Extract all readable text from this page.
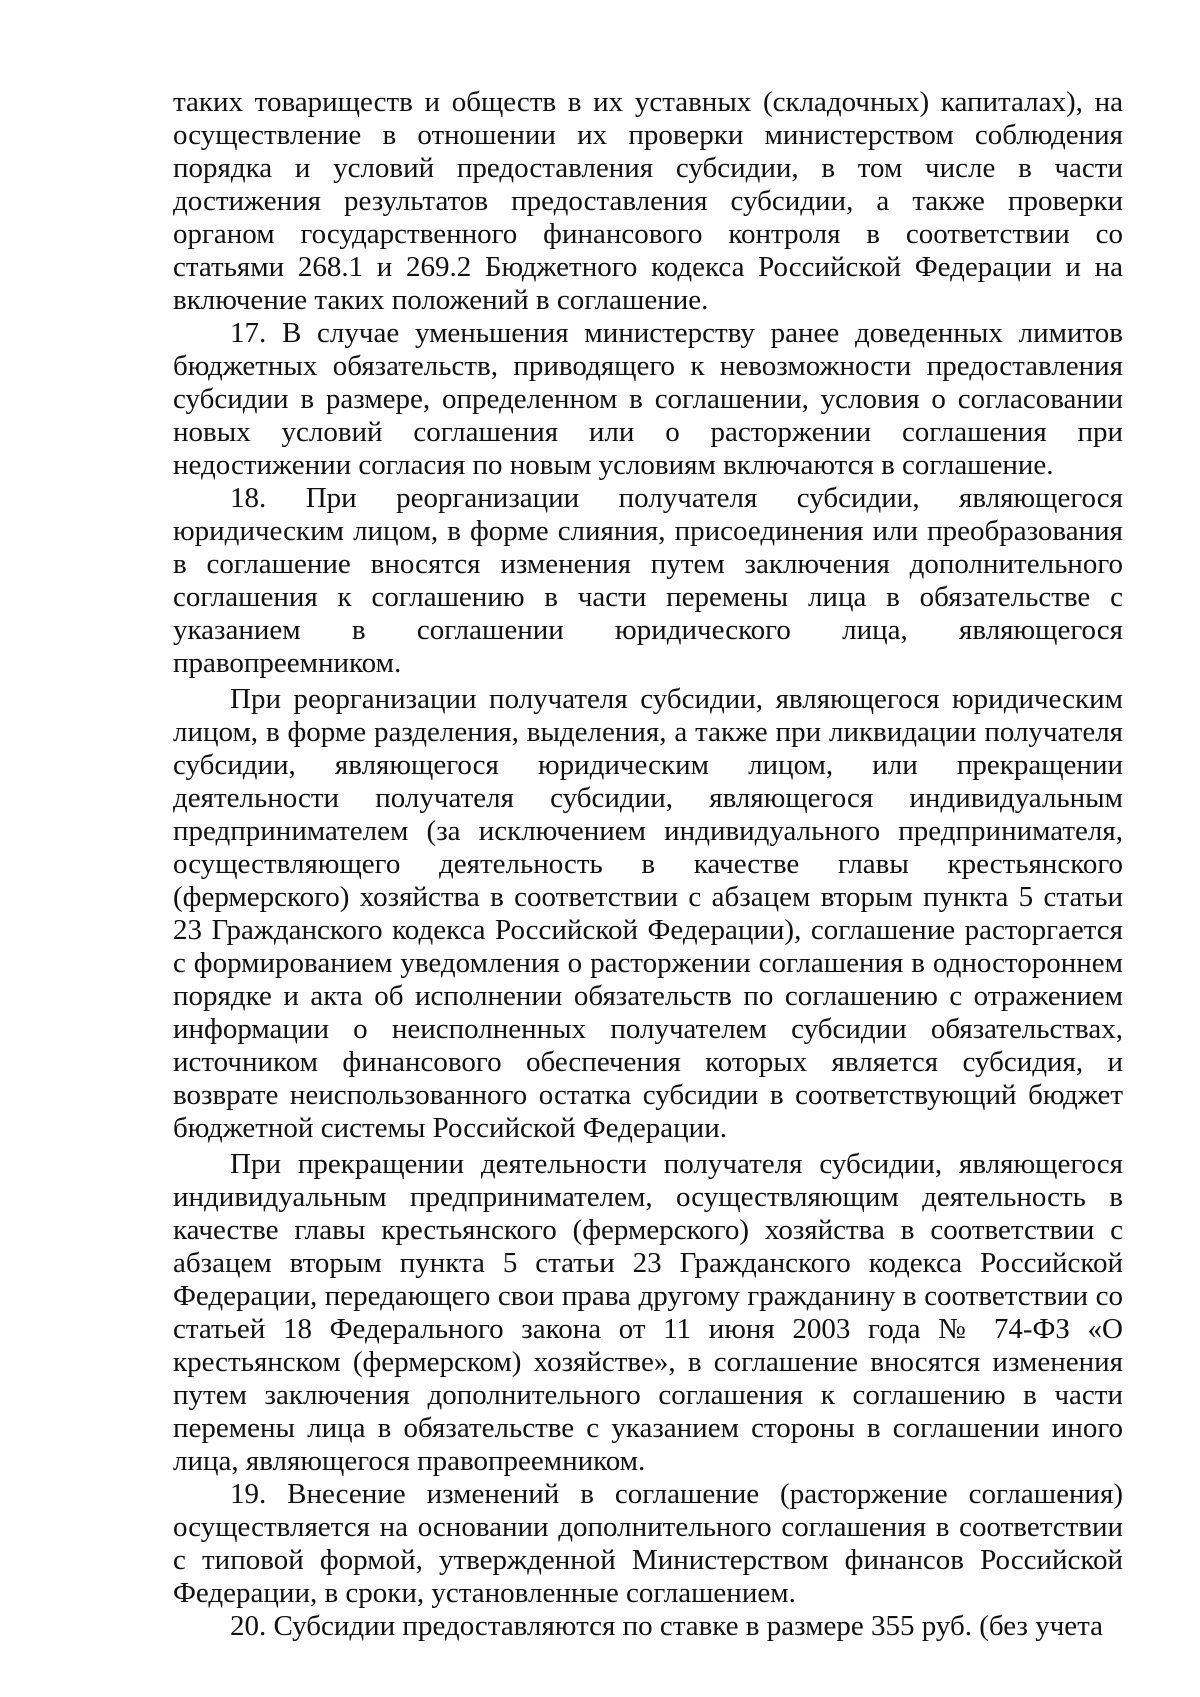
таких товариществ и обществ в их уставных (складочных) капиталах), на осуществление в отношении их проверки министерством соблюдения порядка и условий предоставления субсидии, в том числе в части достижения результатов предоставления субсидии, а также проверки органом государственного финансового контроля в соответствии со статьями 268.1 и 269.2 Бюджетного кодекса Российской Федерации и на включение таких положений в соглашение.

17. В случае уменьшения министерству ранее доведенных лимитов бюджетных обязательств, приводящего к невозможности предоставления субсидии в размере, определенном в соглашении, условия о согласовании новых условий соглашения или о расторжении соглашения при недостижении согласия по новым условиям включаются в соглашение.

18. При реорганизации получателя субсидии, являющегося юридическим лицом, в форме слияния, присоединения или преобразования в соглашение вносятся изменения путем заключения дополнительного соглашения к соглашению в части перемены лица в обязательстве с указанием в соглашении юридического лица, являющегося правопреемником.

При реорганизации получателя субсидии, являющегося юридическим лицом, в форме разделения, выделения, а также при ликвидации получателя субсидии, являющегося юридическим лицом, или прекращении деятельности получателя субсидии, являющегося индивидуальным предпринимателем (за исключением индивидуального предпринимателя, осуществляющего деятельность в качестве главы крестьянского (фермерского) хозяйства в соответствии с абзацем вторым пункта 5 статьи 23 Гражданского кодекса Российской Федерации), соглашение расторгается с формированием уведомления о расторжении соглашения в одностороннем порядке и акта об исполнении обязательств по соглашению с отражением информации о неисполненных получателем субсидии обязательствах, источником финансового обеспечения которых является субсидия, и возврате неиспользованного остатка субсидии в соответствующий бюджет бюджетной системы Российской Федерации.

При прекращении деятельности получателя субсидии, являющегося индивидуальным предпринимателем, осуществляющим деятельность в качестве главы крестьянского (фермерского) хозяйства в соответствии с абзацем вторым пункта 5 статьи 23 Гражданского кодекса Российской Федерации, передающего свои права другому гражданину в соответствии со статьей 18 Федерального закона от 11 июня 2003 года № 74-ФЗ «О крестьянском (фермерском) хозяйстве», в соглашение вносятся изменения путем заключения дополнительного соглашения к соглашению в части перемены лица в обязательстве с указанием стороны в соглашении иного лица, являющегося правопреемником.

19. Внесение изменений в соглашение (расторжение соглашения) осуществляется на основании дополнительного соглашения в соответствии с типовой формой, утвержденной Министерством финансов Российской Федерации, в сроки, установленные соглашением.

20. Субсидии предоставляются по ставке в размере 355 руб. (без учета
